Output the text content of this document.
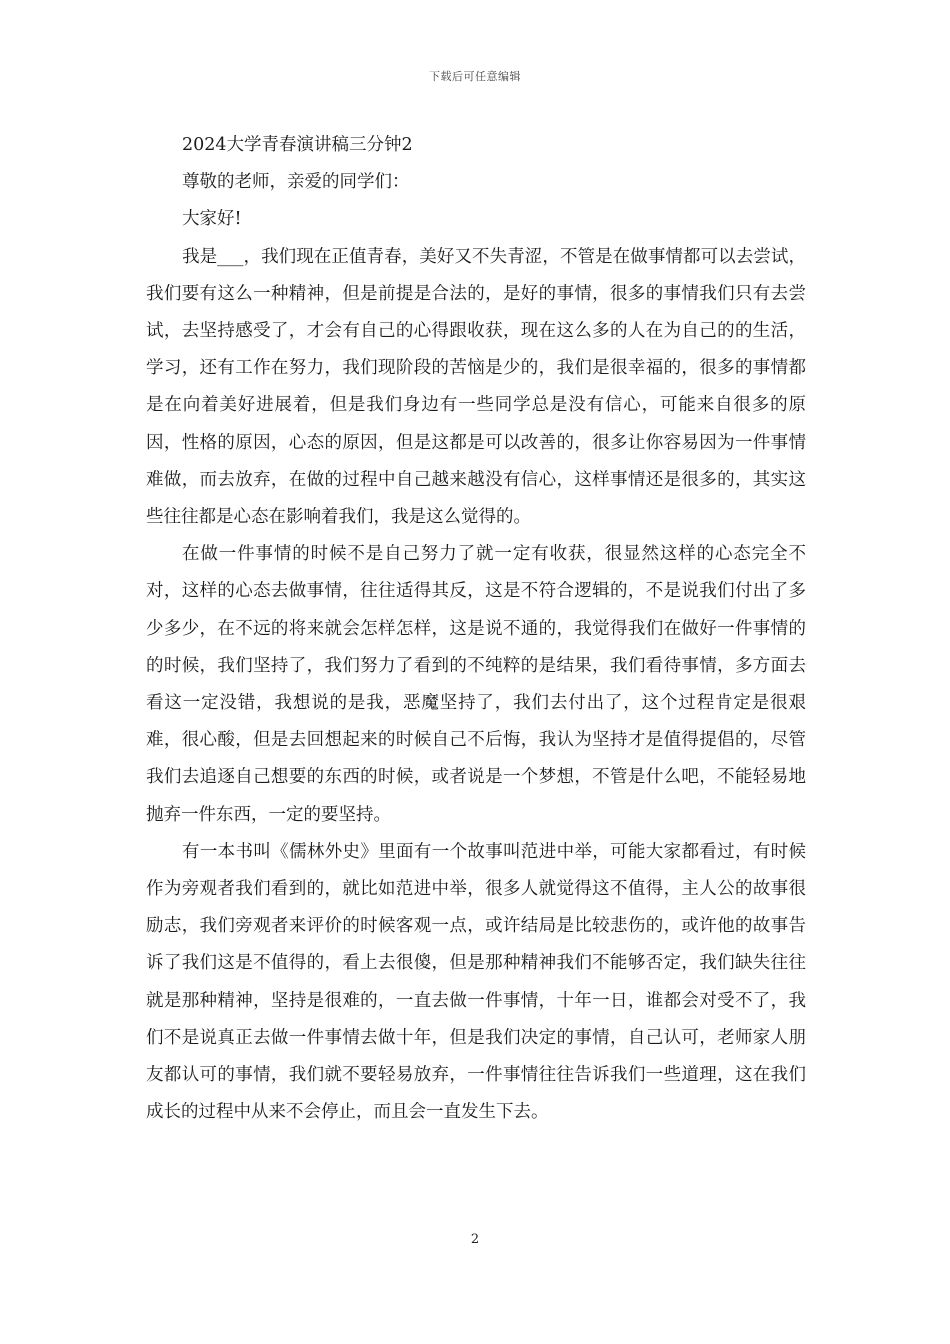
下载后可任意编辑
2024大学青春演讲稿三分钟2
尊敬的老师，亲爱的同学们：
大家好!

我是___，我们现在正值青春，美好又不失青涩，不管是在做事情都可以去尝试，我们要有这么一种精神，但是前提是合法的，是好的事情，很多的事情我们只有去尝试，去坚持感受了，才会有自己的心得跟收获，现在这么多的人在为自己的的生活，学习，还有工作在努力，我们现阶段的苦恼是少的，我们是很幸福的，很多的事情都是在向着美好进展着，但是我们身边有一些同学总是没有信心，可能来自很多的原因，性格的原因，心态的原因，但是这都是可以改善的，很多让你容易因为一件事情难做，而去放弃，在做的过程中自己越来越没有信心，这样事情还是很多的，其实这些往往都是心态在影响着我们，我是这么觉得的。

在做一件事情的时候不是自己努力了就一定有收获，很显然这样的心态完全不对，这样的心态去做事情，往往适得其反，这是不符合逻辑的，不是说我们付出了多少多少，在不远的将来就会怎样怎样，这是说不通的，我觉得我们在做好一件事情的的时候，我们坚持了，我们努力了看到的不纯粹的是结果，我们看待事情，多方面去看这一定没错，我想说的是我，恶魔坚持了，我们去付出了，这个过程肯定是很艰难，很心酸，但是去回想起来的时候自己不后悔，我认为坚持才是值得提倡的，尽管我们去追逐自己想要的东西的时候，或者说是一个梦想，不管是什么吧，不能轻易地抛弃一件东西，一定的要坚持。

有一本书叫《儒林外史》里面有一个故事叫范进中举，可能大家都看过，有时候作为旁观者我们看到的，就比如范进中举，很多人就觉得这不值得，主人公的故事很励志，我们旁观者来评价的时候客观一点，或许结局是比较悲伤的，或许他的故事告诉了我们这是不值得的，看上去很傻，但是那种精神我们不能够否定，我们缺失往往就是那种精神，坚持是很难的，一直去做一件事情，十年一日，谁都会对受不了，我们不是说真正去做一件事情去做十年，但是我们决定的事情，自己认可，老师家人朋友都认可的事情，我们就不要轻易放弃，一件事情往往告诉我们一些道理，这在我们成长的过程中从来不会停止，而且会一直发生下去。

2
